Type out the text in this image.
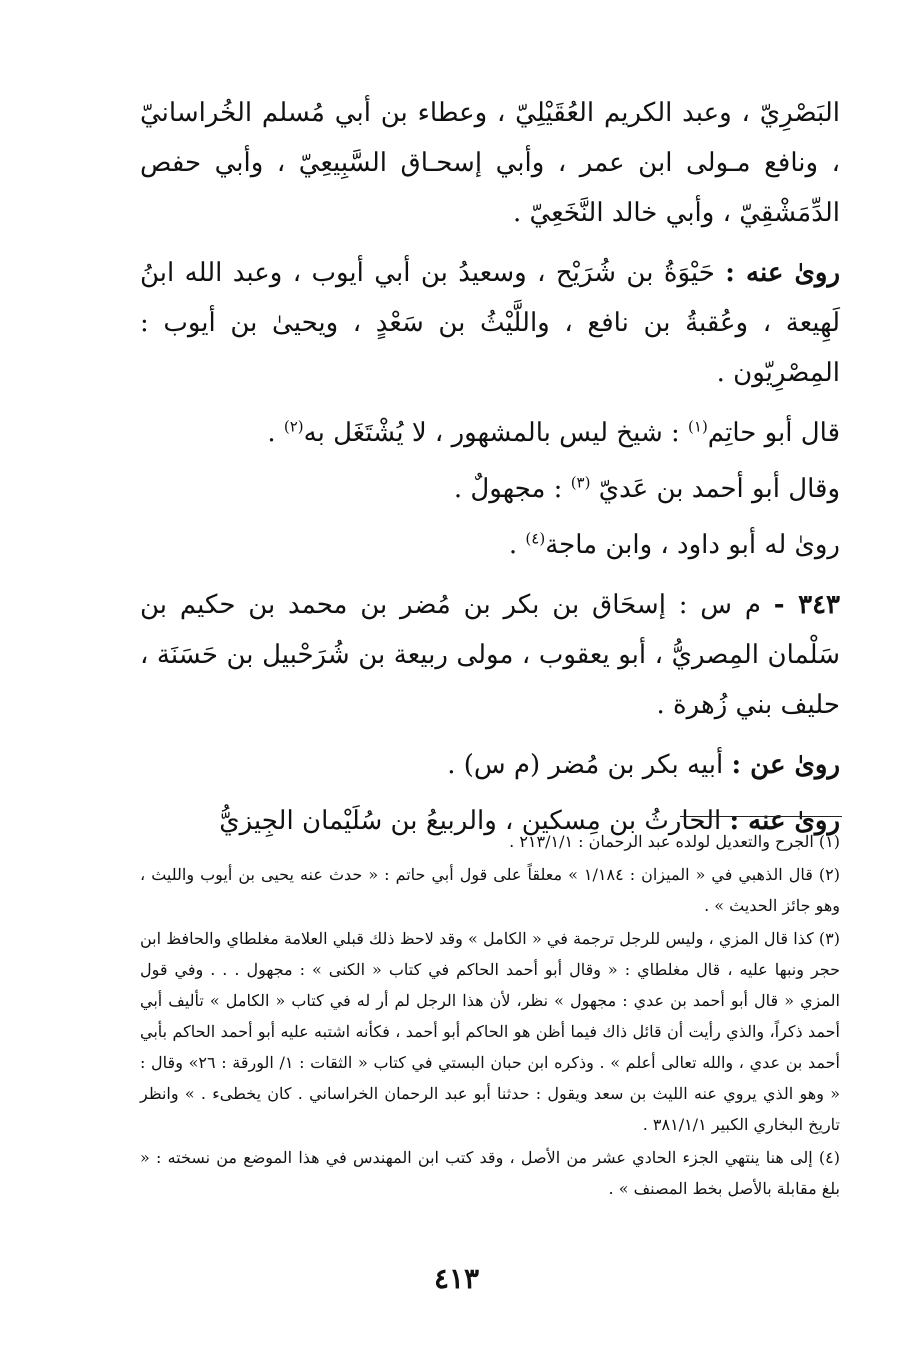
البَصْرِيّ ، وعبد الكريم العُقَيْلِيّ ، وعطاء بن أبي مُسلم الخُراسانيّ ، ونافع مـولى ابن عمر ، وأبي إسحـاق السَّبِيعِيّ ، وأبي حفص الدِّمَشْقِيّ ، وأبي خالد النَّخَعِيّ .

روىٰ عنه : حَيْوَةُ بن شُرَيْح ، وسعيدُ بن أبي أيوب ، وعبد الله ابنُ لَهِيعة ، وعُقبةُ بن نافع ، واللَّيْثُ بن سَعْدٍ ، ويحيىٰ بن أيوب : المِصْرِيّون .

قال أبو حاتِم$^{(١)}$ : شيخ ليس بالمشهور ، لا يُشْتَغَل به$^{(٢)}$ .

وقال أبو أحمد بن عَديّ $^{(٣)}$ : مجهولٌ .

روىٰ له أبو داود ، وابن ماجة$^{(٤)}$ .

٣٤٣ - م س : إسحَاق بن بكر بن مُضر بن محمد بن حكيم بن سَلْمان المِصريُّ ، أبو يعقوب ، مولى ربيعة بن شُرَحْبيل بن حَسَنَة ، حليف بني زُهرة .

روىٰ عن : أبيه بكر بن مُضر (م س) .

روىٰ عنه : الحارثُ بن مِسكين ، والربيعُ بن سُلَيْمان الجِيزيُّ

(١) الجرح والتعديل لولده عبد الرحمان : ٢١٣/١/١ .

(٢) قال الذهبي في « الميزان : ١/١٨٤ » معلقاً على قول أبي حاتم : « حدث عنه يحيى بن أيوب والليث ، وهو جائز الحديث » .

(٣) كذا قال المزي ، وليس للرجل ترجمة في « الكامل » وقد لاحظ ذلك قبلي العلامة مغلطاي والحافظ ابن حجر ونبها عليه ، قال مغلطاي : « وقال أبو أحمد الحاكم في كتاب « الكنى » : مجهول . . . وفي قول المزي « قال أبو أحمد بن عدي : مجهول » نظر، لأن هذا الرجل لم أر له في كتاب « الكامل » تأليف أبي أحمد ذكراً، والذي رأيت أن قائل ذاك فيما أظن هو الحاكم أبو أحمد ، فكأنه اشتبه عليه أبو أحمد الحاكم بأبي أحمد بن عدي ، والله تعالى أعلم » . وذكره ابن حبان البستي في كتاب « الثقات : ١/ الورقة : ٢٦» وقال : « وهو الذي يروي عنه الليث بن سعد ويقول : حدثنا أبو عبد الرحمان الخراساني . كان يخطىء . » وانظر تاريخ البخاري الكبير ٣٨١/١/١ .

(٤) إلى هنا ينتهي الجزء الحادي عشر من الأصل ، وقد كتب ابن المهندس في هذا الموضع من نسخته : « بلغ مقابلة بالأصل بخط المصنف » .

٤١٣
